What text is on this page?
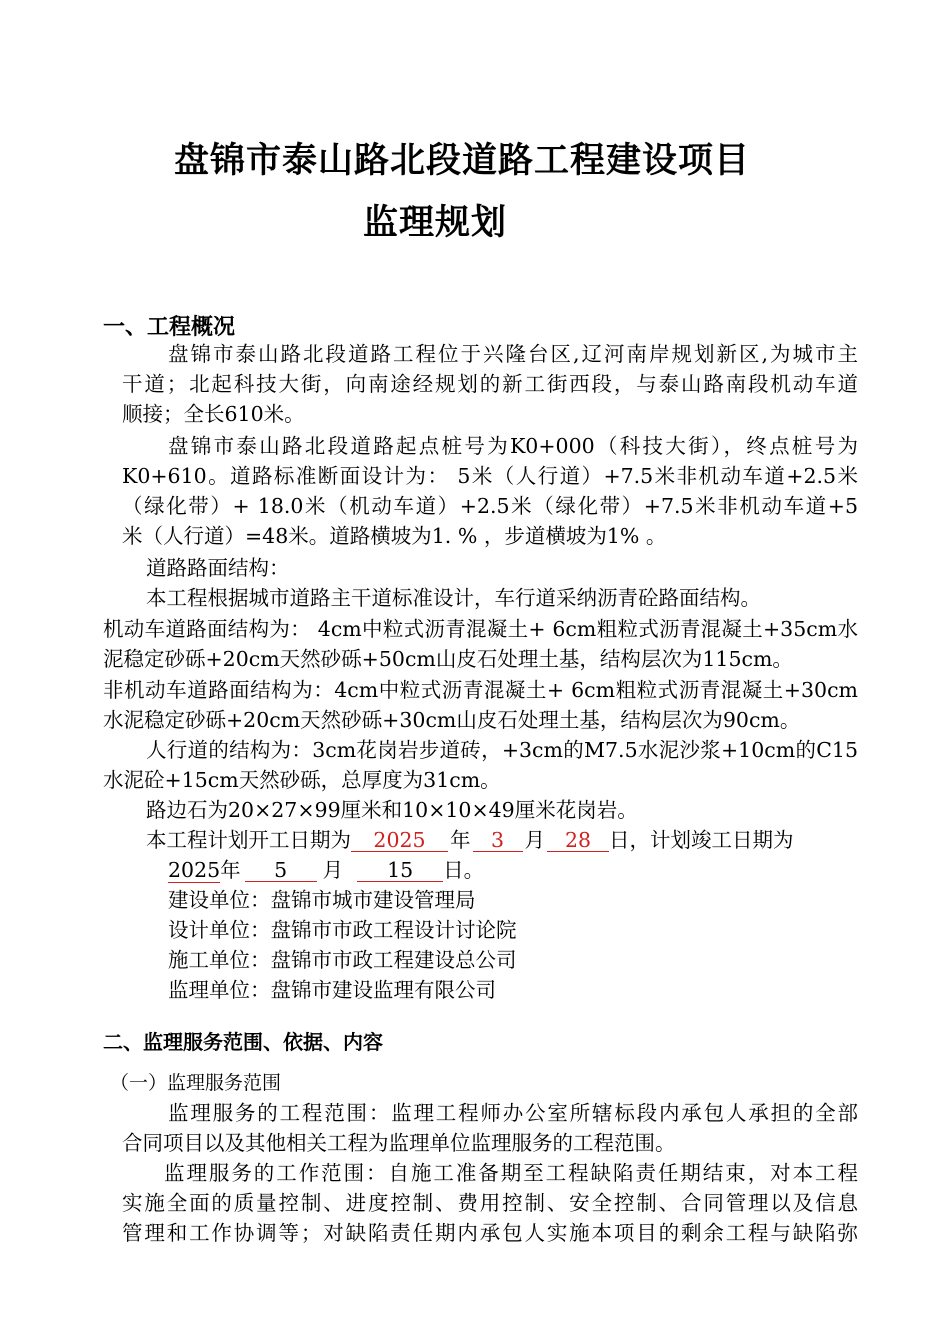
盘锦市泰山路北段道路工程建设项目
监理规划
一、工程概况
盘锦市泰山路北段道路工程位于兴隆台区,辽河南岸规划新区,为城市主
干道；北起科技大街，向南途经规划的新工街西段，与泰山路南段机动车道
顺接；全长610米。
盘锦市泰山路北段道路起点桩号为K0+000（科技大街），终点桩号为
K0+610。道路标准断面设计为： 5米（人行道）+7.5米非机动车道+2.5米
（绿化带）+ 18.0米（机动车道）+2.5米（绿化带）+7.5米非机动车道+5
米（人行道）=48米。道路横坡为1. % ，步道横坡为1% 。
道路路面结构：
本工程根据城市道路主干道标准设计，车行道采纳沥青砼路面结构。
机动车道路面结构为： 4cm中粒式沥青混凝土+ 6cm粗粒式沥青混凝土+35cm水
泥稳定砂砾+20cm天然砂砾+50cm山皮石处理土基，结构层次为115cm。
非机动车道路面结构为：4cm中粒式沥青混凝土+ 6cm粗粒式沥青混凝土+30cm
水泥稳定砂砾+20cm天然砂砾+30cm山皮石处理土基，结构层次为90cm。
人行道的结构为：3cm花岗岩步道砖，+3cm的M7.5水泥沙浆+10cm的C15
水泥砼+15cm天然砂砾，总厚度为31cm。
路边石为20×27×99厘米和10×10×49厘米花岗岩。
本工程计划开工日期为 2025 年 3 月 28 日，计划竣工日期为
2025年 5 月 15 日。
建设单位：盘锦市城市建设管理局
设计单位：盘锦市市政工程设计讨论院
施工单位：盘锦市市政工程建设总公司
监理单位：盘锦市建设监理有限公司
二、监理服务范围、依据、内容
（一）监理服务范围
监理服务的工程范围：监理工程师办公室所辖标段内承包人承担的全部
合同项目以及其他相关工程为监理单位监理服务的工程范围。
监理服务的工作范围：自施工准备期至工程缺陷责任期结束，对本工程
实施全面的质量控制、进度控制、费用控制、安全控制、合同管理以及信息
管理和工作协调等；对缺陷责任期内承包人实施本项目的剩余工程与缺陷弥
